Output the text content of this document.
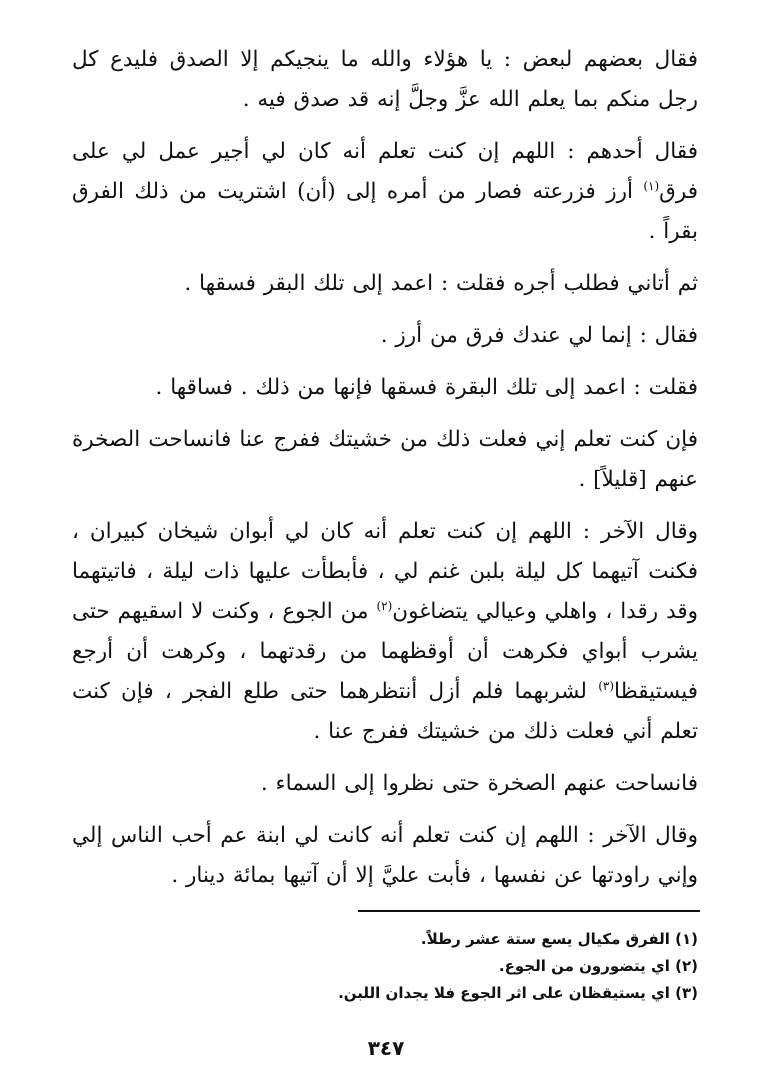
فقال بعضهم لبعض : يا هؤلاء والله ما ينجيكم إلا الصدق فليدع كل رجل منكم بما يعلم الله عزَّ وجلَّ إنه قد صدق فيه .

فقال أحدهم : اللهم إن كنت تعلم أنه كان لي أجير عمل لي على فرق$^{(١)}$ أرز فزرعته فصار من أمره إلى (أن) اشتريت من ذلك الفرق بقراً .

ثم أتاني فطلب أجره فقلت : اعمد إلى تلك البقر فسقها .

فقال : إنما لي عندك فرق من أرز .

فقلت : اعمد إلى تلك البقرة فسقها فإنها من ذلك . فساقها .

فإن كنت تعلم إني فعلت ذلك من خشيتك ففرج عنا فانساحت الصخرة عنهم [قليلاً] .

وقال الآخر : اللهم إن كنت تعلم أنه كان لي أبوان شيخان كبيران ، فكنت آتيهما كل ليلة بلبن غنم لي ، فأبطأت عليها ذات ليلة ، فاتيتهما وقد رقدا ، واهلي وعيالي يتضاغون$^{(٢)}$ من الجوع ، وكنت لا اسقيهم حتى يشرب أبواي فكرهت أن أوقظهما من رقدتهما ، وكرهت أن أرجع فيستيقظا$^{(٣)}$ لشربهما فلم أزل أنتظرهما حتى طلع الفجر ، فإن كنت تعلم أني فعلت ذلك من خشيتك ففرج عنا .

فانساحت عنهم الصخرة حتى نظروا إلى السماء .

وقال الآخر : اللهم إن كنت تعلم أنه كانت لي ابنة عم أحب الناس إلي وإني راودتها عن نفسها ، فأبت عليَّ إلا أن آتيها بمائة دينار .

(١) الفرق مكيال يسع ستة عشر رطلاً.
(٢) اي يتضورون من الجوع.
(٣) اي يستيقظان على اثر الجوع فلا يجدان اللبن.
٣٤٧
